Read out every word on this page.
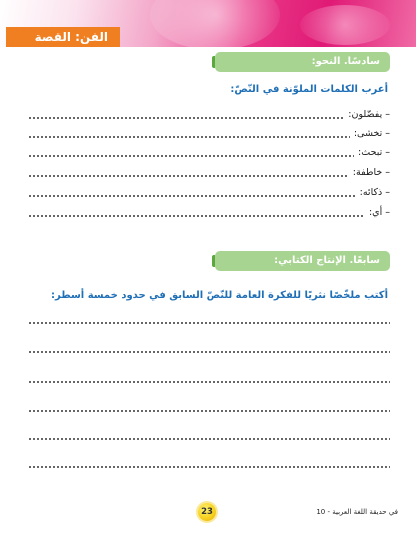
الفن: القصة
سادسًا. النحو:
أعرب الكلمات الملوّنة في النّصّ:
– يفضّلون:
– تخشى:
– تبحث:
– خاطفة:
– ذكائه:
– أي:
سابعًا. الإنتاج الكتابي:
أكتب ملخّصًا نثريًا للفكرة العامة للنّصّ السابق في حدود خمسة أسطر:
23	في حديقة اللغة العربية - 10
